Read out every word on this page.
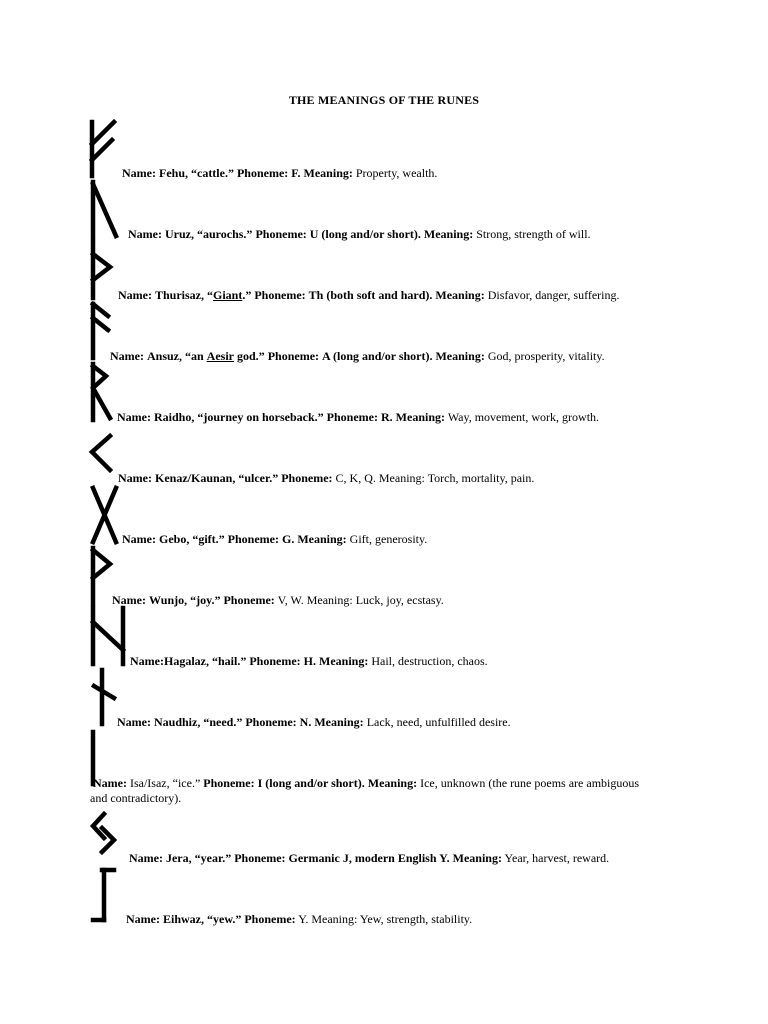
THE MEANINGS OF THE RUNES
Name: Fehu, “cattle.” Phoneme: F. Meaning: Property, wealth.
Name: Uruz, “aurochs.” Phoneme: U (long and/or short). Meaning: Strong, strength of will.
Name: Thurisaz, “Giant.” Phoneme: Th (both soft and hard). Meaning: Disfavor, danger, suffering.
Name: Ansuz, “an Aesir god.” Phoneme: A (long and/or short). Meaning: God, prosperity, vitality.
Name: Raidho, “journey on horseback.” Phoneme: R. Meaning: Way, movement, work, growth.
Name: Kenaz/Kaunan, “ulcer.” Phoneme: C, K, Q. Meaning: Torch, mortality, pain.
Name: Gebo, “gift.” Phoneme: G. Meaning: Gift, generosity.
Name: Wunjo, “joy.” Phoneme: V, W. Meaning: Luck, joy, ecstasy.
Name:Hagalaz, “hail.” Phoneme: H. Meaning: Hail, destruction, chaos.
Name: Naudhiz, “need.” Phoneme: N. Meaning: Lack, need, unfulfilled desire.
Name: Isa/Isaz, “ice.” Phoneme: I (long and/or short). Meaning: Ice, unknown (the rune poems are ambiguous and contradictory).
Name: Jera, “year.” Phoneme: Germanic J, modern English Y. Meaning: Year, harvest, reward.
Name: Eihwaz, “yew.” Phoneme: Y. Meaning: Yew, strength, stability.
